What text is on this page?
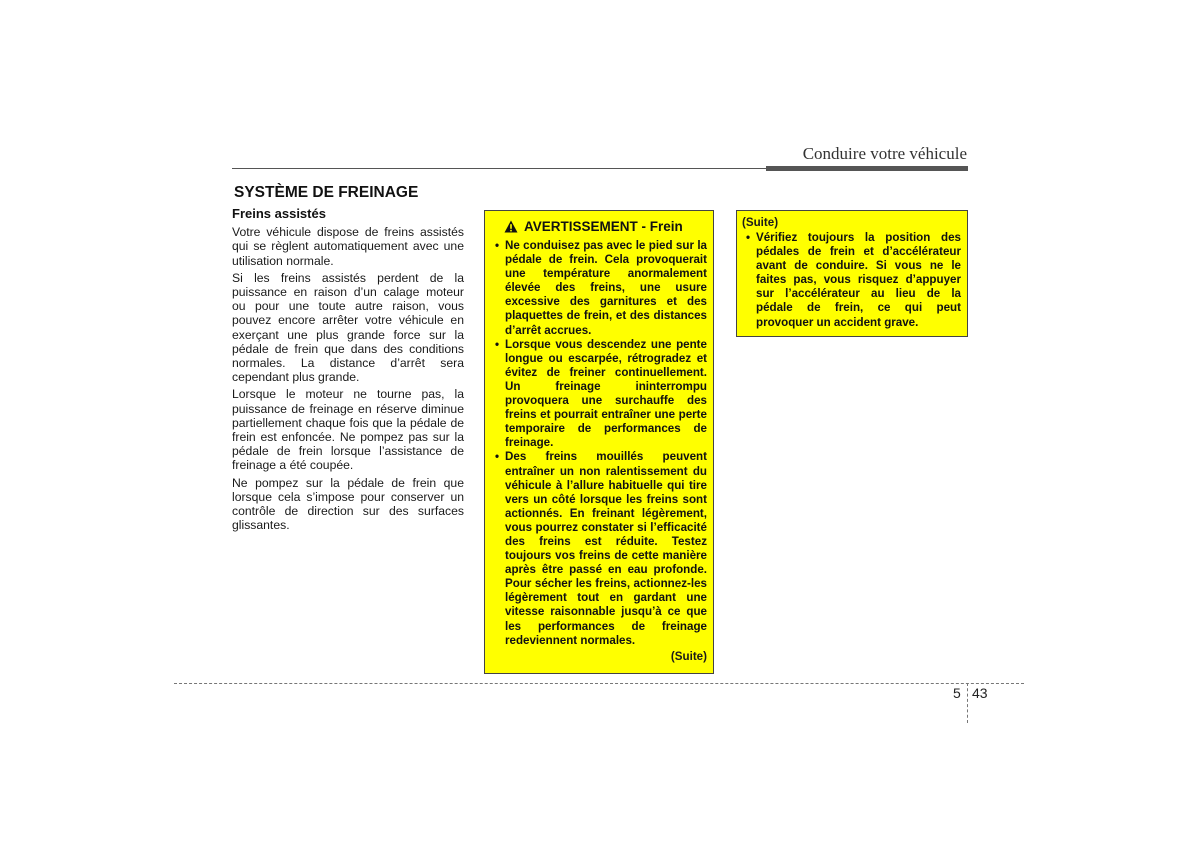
Conduire votre véhicule
SYSTÈME DE FREINAGE
Freins assistés

Votre véhicule dispose de freins assistés qui se règlent automatiquement avec une utilisation normale.

Si les freins assistés perdent de la puissance en raison d’un calage moteur ou pour une toute autre raison, vous pouvez encore arrêter votre véhicule en exerçant une plus grande force sur la pédale de frein que dans des conditions normales. La distance d’arrêt sera cependant plus grande.

Lorsque le moteur ne tourne pas, la puissance de freinage en réserve diminue partiellement chaque fois que la pédale de frein est enfoncée. Ne pompez pas sur la pédale de frein lorsque l’assistance de freinage a été coupée.

Ne pompez sur la pédale de frein que lorsque cela s’impose pour conserver un contrôle de direction sur des surfaces glissantes.

AVERTISSEMENT - Frein
• Ne conduisez pas avec le pied sur la pédale de frein. Cela provoquerait une température anormalement élevée des freins, une usure excessive des garnitures et des plaquettes de frein, et des distances d’arrêt accrues.
• Lorsque vous descendez une pente longue ou escarpée, rétrogradez et évitez de freiner continuellement. Un freinage ininterrompu provoquera une surchauffe des freins et pourrait entraîner une perte temporaire de performances de freinage.
• Des freins mouillés peuvent entraîner un non ralentissement du véhicule à l’allure habituelle qui tire vers un côté lorsque les freins sont actionnés. En freinant légèrement, vous pourrez constater si l’efficacité des freins est réduite. Testez toujours vos freins de cette manière après être passé en eau profonde. Pour sécher les freins, actionnez-les légèrement tout en gardant une vitesse raisonnable jusqu’à ce que les performances de freinage redeviennent normales.
(Suite)
(Suite)
• Vérifiez toujours la position des pédales de frein et d’accélérateur avant de conduire. Si vous ne le faites pas, vous risquez d’appuyer sur l’accélérateur au lieu de la pédale de frein, ce qui peut provoquer un accident grave.
5 43
